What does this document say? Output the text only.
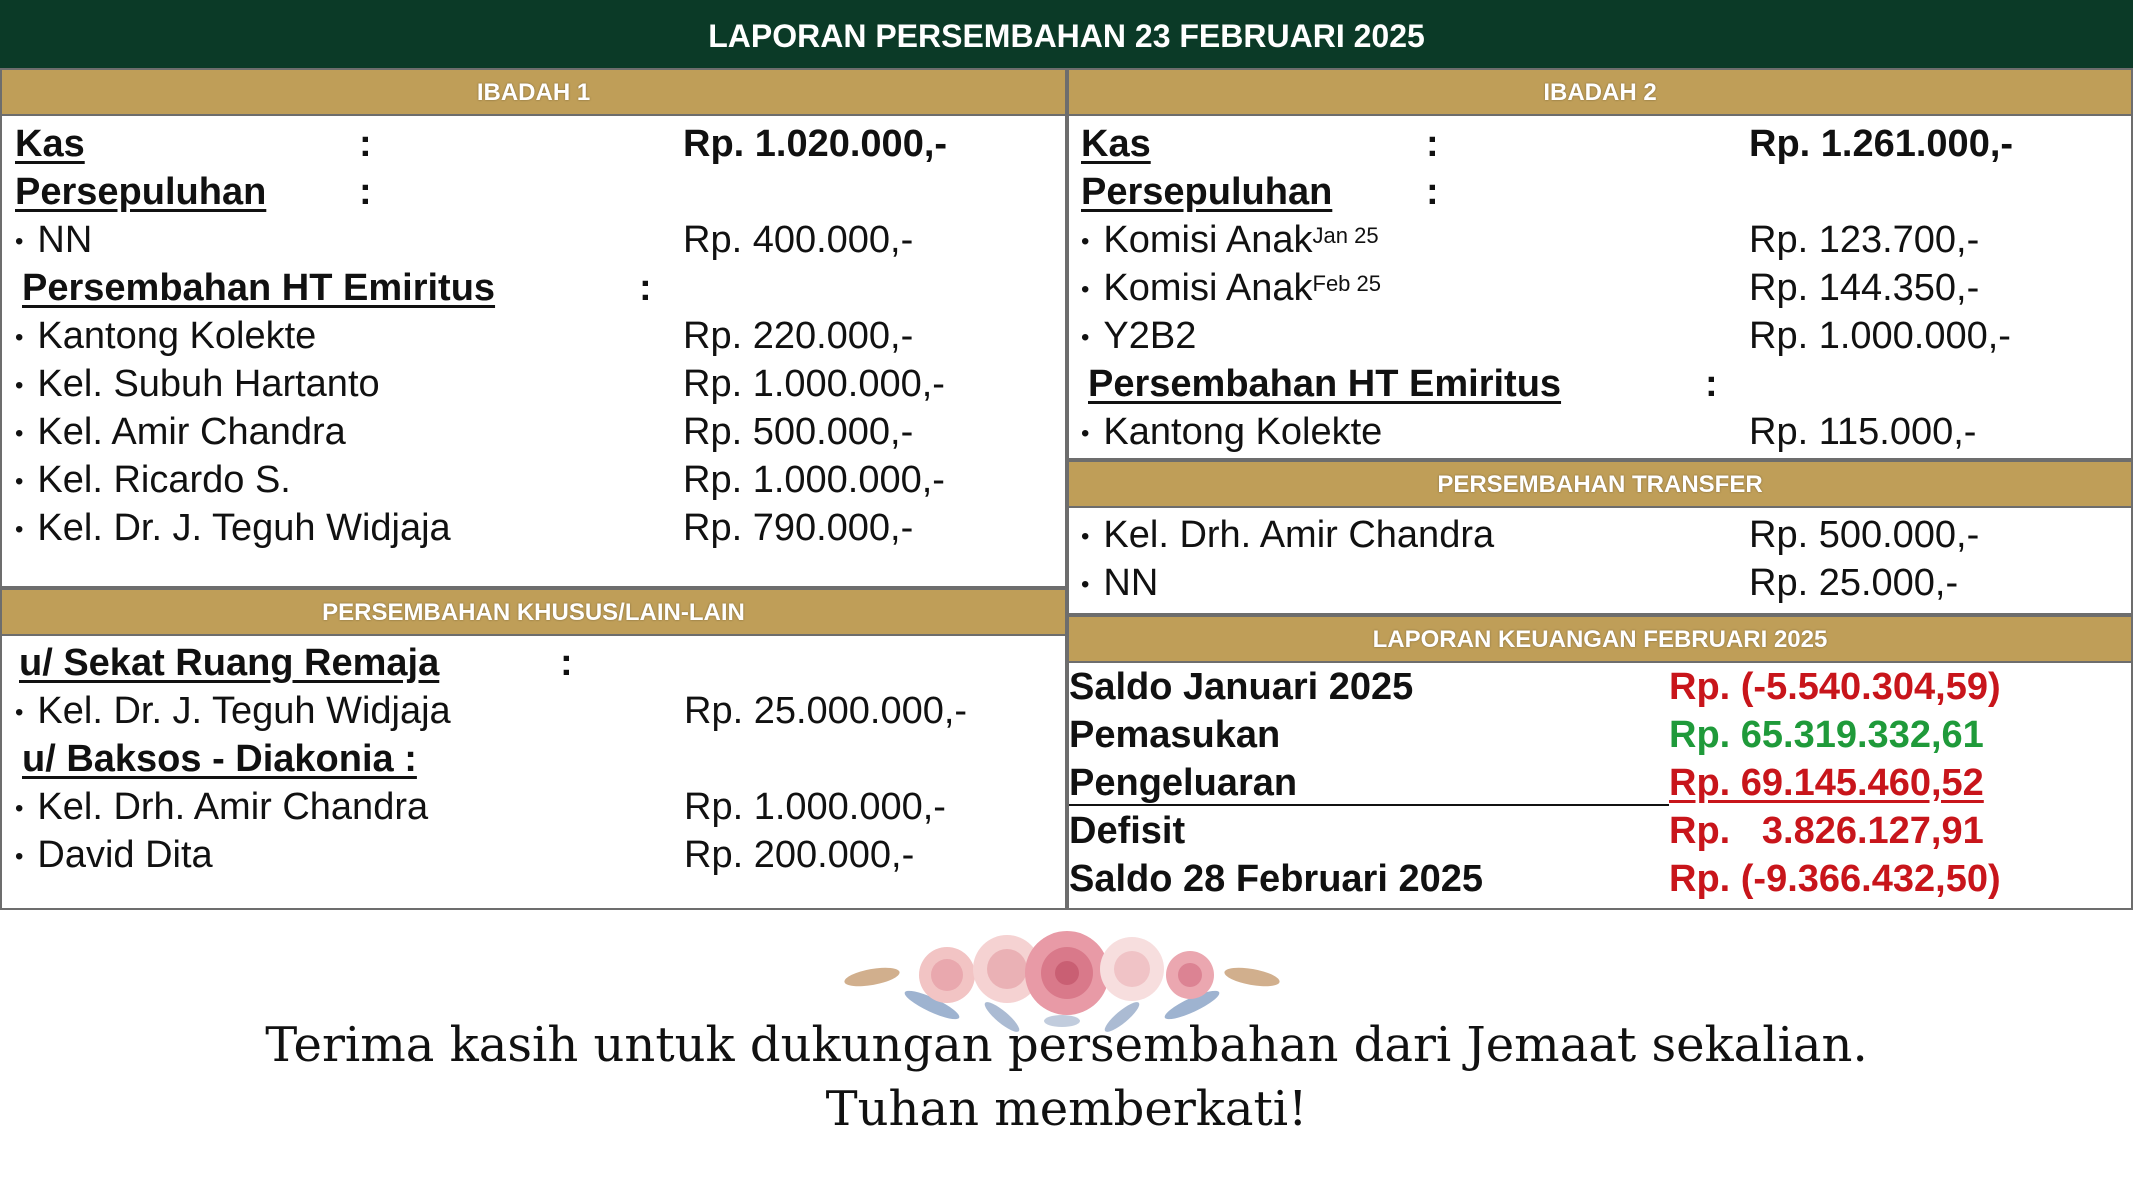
LAPORAN PERSEMBAHAN 23 FEBRUARI 2025
IBADAH 1
Kas	:	Rp. 1.020.000,-
Persepuluhan :
• NN	Rp. 400.000,-
Persembahan HT Emiritus	:
• Kantong Kolekte	Rp. 220.000,-
• Kel. Subuh Hartanto	Rp. 1.000.000,-
• Kel. Amir Chandra	Rp. 500.000,-
• Kel. Ricardo S.	Rp. 1.000.000,-
• Kel. Dr. J. Teguh Widjaja	Rp. 790.000,-
PERSEMBAHAN KHUSUS/LAIN-LAIN
u/ Sekat Ruang Remaja	:
• Kel. Dr. J. Teguh Widjaja	Rp. 25.000.000,-
u/ Baksos - Diakonia :
• Kel. Drh. Amir Chandra	Rp. 1.000.000,-
• David Dita	Rp. 200.000,-
IBADAH 2
Kas	:	Rp. 1.261.000,-
Persepuluhan :
• Komisi Anak$^{Jan 25}$	Rp. 123.700,-
• Komisi Anak$^{Feb 25}$	Rp. 144.350,-
• Y2B2	Rp. 1.000.000,-
Persembahan HT Emiritus	:
• Kantong Kolekte	Rp. 115.000,-
PERSEMBAHAN TRANSFER
• Kel. Drh. Amir Chandra	Rp. 500.000,-
• NN	Rp. 25.000,-
LAPORAN KEUANGAN FEBRUARI 2025
Saldo Januari 2025	Rp. (-5.540.304,59)
Pemasukan	Rp. 65.319.332,61
Pengeluaran	Rp. 69.145.460,52
Defisit	Rp.   3.826.127,91
Saldo 28 Februari 2025	Rp. (-9.366.432,50)
Terima kasih untuk dukungan persembahan dari Jemaat sekalian.
Tuhan memberkati!
